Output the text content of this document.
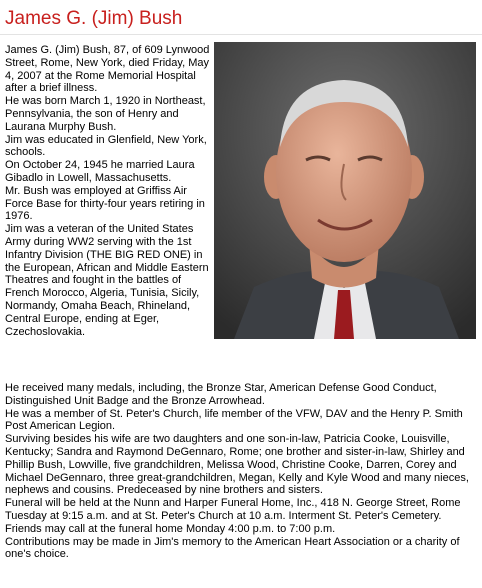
James G. (Jim) Bush

James G. (Jim) Bush, 87, of 609 Lynwood Street, Rome, New York, died Friday, May 4, 2007 at the Rome Memorial Hospital after a brief illness.

He was born March 1, 1920 in Northeast, Pennsylvania, the son of Henry and Laurana Murphy Bush.

Jim was educated in Glenfield, New York, schools.

On October 24, 1945 he married Laura Gibadlo in Lowell, Massachusetts.

Mr. Bush was employed at Griffiss Air Force Base for thirty-four years retiring in 1976.

Jim was a veteran of the United States Army during WW2 serving with the 1st Infantry Division (THE BIG RED ONE) in the European, African and Middle Eastern Theatres and fought in the battles of French Morocco, Algeria, Tunisia, Sicily, Normandy, Omaha Beach, Rhineland, Central Europe, ending at Eger, Czechoslovakia.

He received many medals, including, the Bronze Star, American Defense Good Conduct, Distinguished Unit Badge and the Bronze Arrowhead.

He was a member of St. Peter's Church, life member of the VFW, DAV and the Henry P. Smith Post American Legion.

Surviving besides his wife are two daughters and one son-in-law, Patricia Cooke, Louisville, Kentucky; Sandra and Raymond DeGennaro, Rome; one brother and sister-in-law, Shirley and Phillip Bush, Lowville, five grandchildren, Melissa Wood, Christine Cooke, Darren, Corey and Michael DeGennaro, three great-grandchildren, Megan, Kelly and Kyle Wood and many nieces, nephews and cousins. Predeceased by nine brothers and sisters.

Funeral will be held at the Nunn and Harper Funeral Home, Inc., 418 N. George Street, Rome Tuesday at 9:15 a.m. and at St. Peter's Church at 10 a.m. Interment St. Peter's Cemetery.

Friends may call at the funeral home Monday 4:00 p.m. to 7:00 p.m.

Contributions may be made in Jim's memory to the American Heart Association or a charity of one's choice.
